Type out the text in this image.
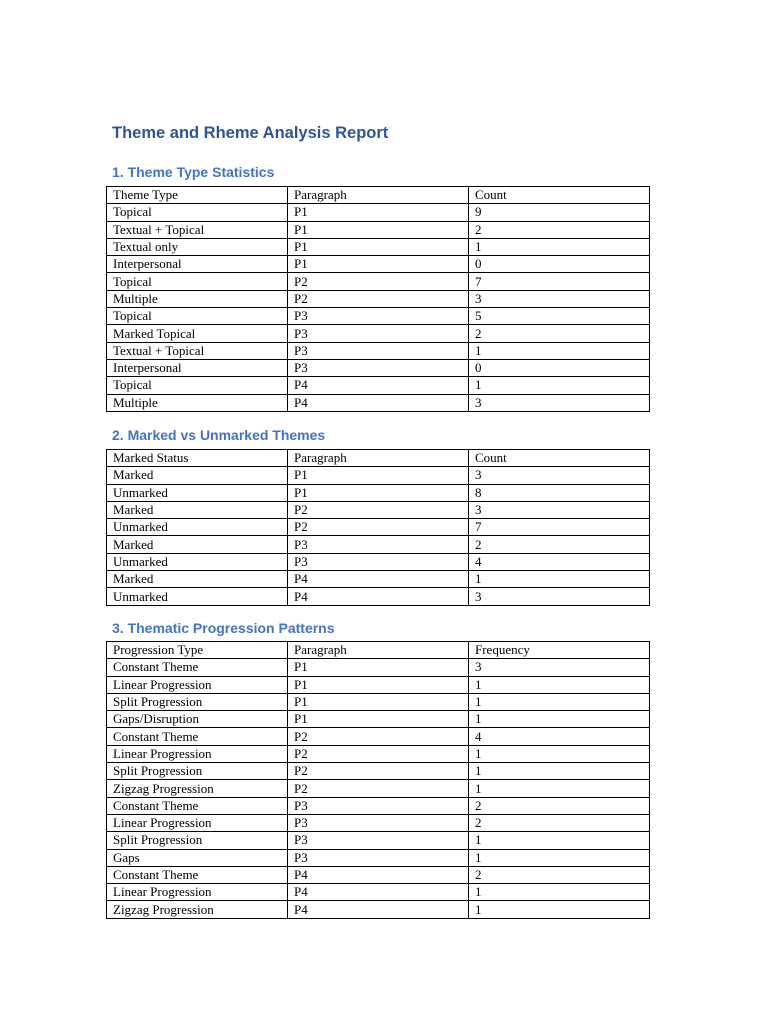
Theme and Rheme Analysis Report
1. Theme Type Statistics
Theme Type	Paragraph	Count
Topical	P1	9
Textual + Topical	P1	2
Textual only	P1	1
Interpersonal	P1	0
Topical	P2	7
Multiple	P2	3
Topical	P3	5
Marked Topical	P3	2
Textual + Topical	P3	1
Interpersonal	P3	0
Topical	P4	1
Multiple	P4	3
2. Marked vs Unmarked Themes
Marked Status	Paragraph	Count
Marked	P1	3
Unmarked	P1	8
Marked	P2	3
Unmarked	P2	7
Marked	P3	2
Unmarked	P3	4
Marked	P4	1
Unmarked	P4	3
3. Thematic Progression Patterns
Progression Type	Paragraph	Frequency
Constant Theme	P1	3
Linear Progression	P1	1
Split Progression	P1	1
Gaps/Disruption	P1	1
Constant Theme	P2	4
Linear Progression	P2	1
Split Progression	P2	1
Zigzag Progression	P2	1
Constant Theme	P3	2
Linear Progression	P3	2
Split Progression	P3	1
Gaps	P3	1
Constant Theme	P4	2
Linear Progression	P4	1
Zigzag Progression	P4	1
